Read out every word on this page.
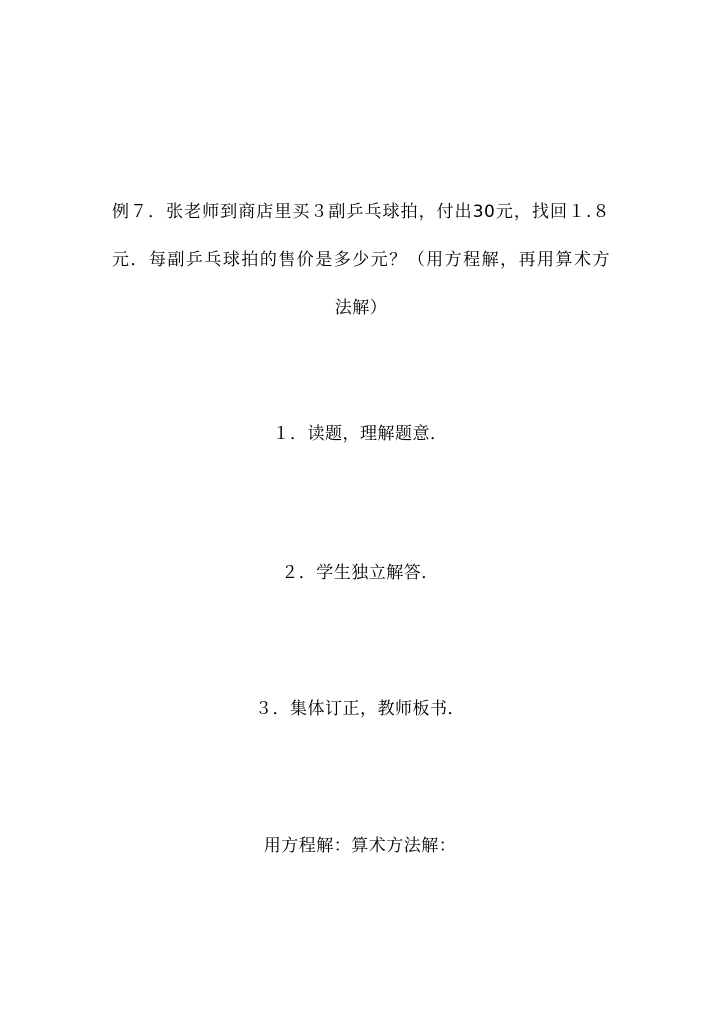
例７．张老师到商店里买３副乒乓球拍，付出30元，找回１.８
元．每副乒乓球拍的售价是多少元？（用方程解，再用算术方
法解）
１．读题，理解题意．
２．学生独立解答．
３．集体订正，教师板书．
用方程解：算术方法解：
